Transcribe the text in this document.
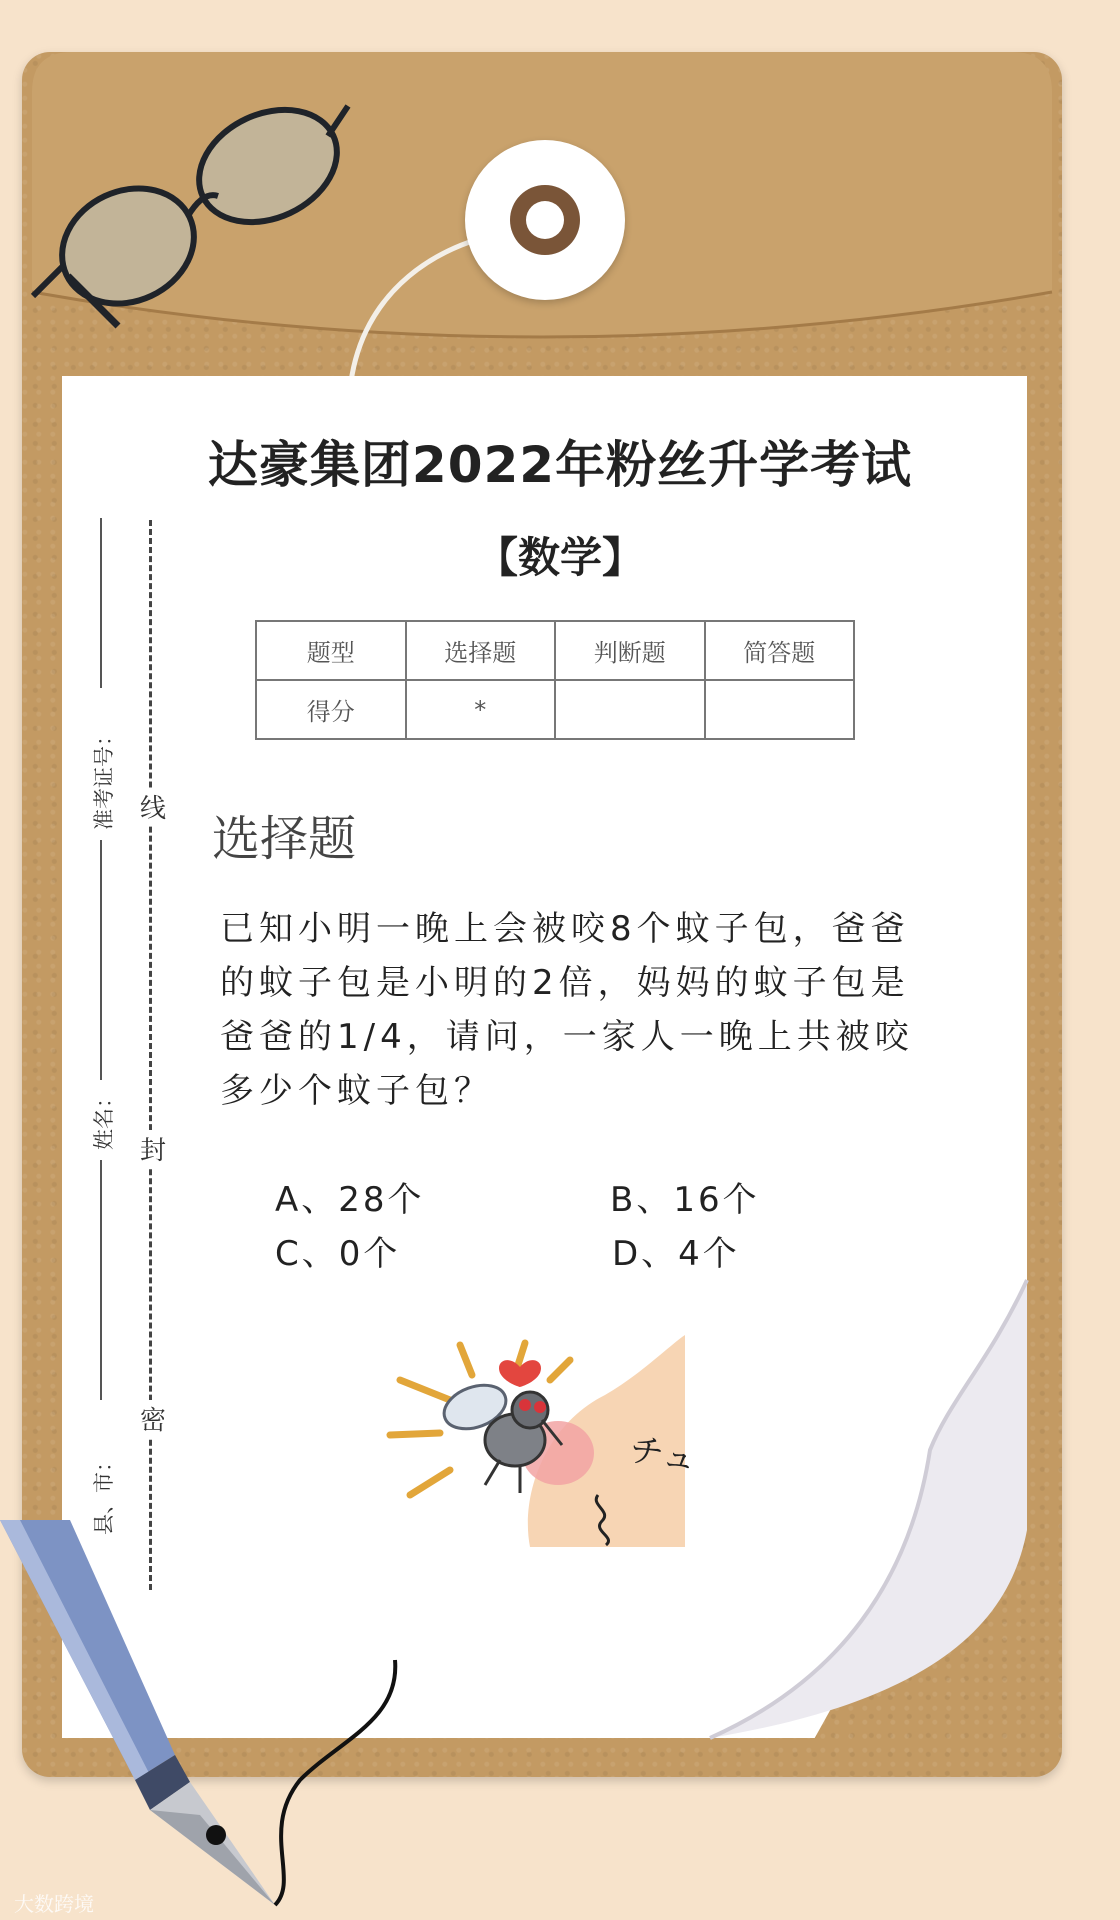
达豪集团2022年粉丝升学考试
【数学】
题型	选择题	判断题	简答题
得分	*		
选择题
已知小明一晚上会被咬8个蚊子包，爸爸
的蚊子包是小明的2倍，妈妈的蚊子包是
爸爸的1/4，请问，一家人一晚上共被咬
多少个蚊子包？
A、28个	B、16个
C、0个	D、4个
チュ
准考证号：
姓名：
县、市：
线
封
密
大数跨境
